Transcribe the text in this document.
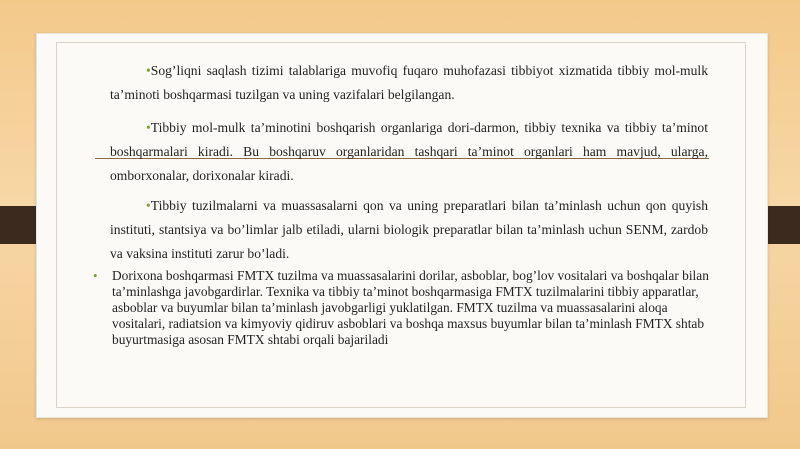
•Sog’liqni saqlash tizimi talablariga muvofiq fuqaro muhofazasi tibbiyot xizmatida tibbiy mol-mulk ta’minoti boshqarmasi tuzilgan va uning vazifalari belgilangan.
•Tibbiy mol-mulk ta’minotini boshqarish organlariga dori-darmon, tibbiy texnika va tibbiy ta’minot boshqarmalari kiradi. Bu boshqaruv organlaridan tashqari ta’minot organlari ham mavjud, ularga, omborxonalar, dorixonalar kiradi.
•Tibbiy tuzilmalarni va muassasalarni qon va uning preparatlari bilan ta’minlash uchun qon quyish instituti, stantsiya va bo’limlar jalb etiladi, ularni biologik preparatlar bilan ta’minlash uchun SENM, zardob va vaksina instituti zarur bo’ladi.
• Dorixona boshqarmasi FMTX tuzilma va muassasalarini dorilar, asboblar, bog’lov vositalari va boshqalar bilan ta’minlashga javobgardirlar. Texnika va tibbiy ta’minot boshqarmasiga FMTX tuzilmalarini tibbiy apparatlar, asboblar va buyumlar bilan ta’minlash javobgarligi yuklatilgan. FMTX tuzilma va muassasalarini aloqa vositalari, radiatsion va kimyoviy qidiruv asboblari va boshqa maxsus buyumlar bilan ta’minlash FMTX shtab buyurtmasiga asosan FMTX shtabi orqali bajariladi
